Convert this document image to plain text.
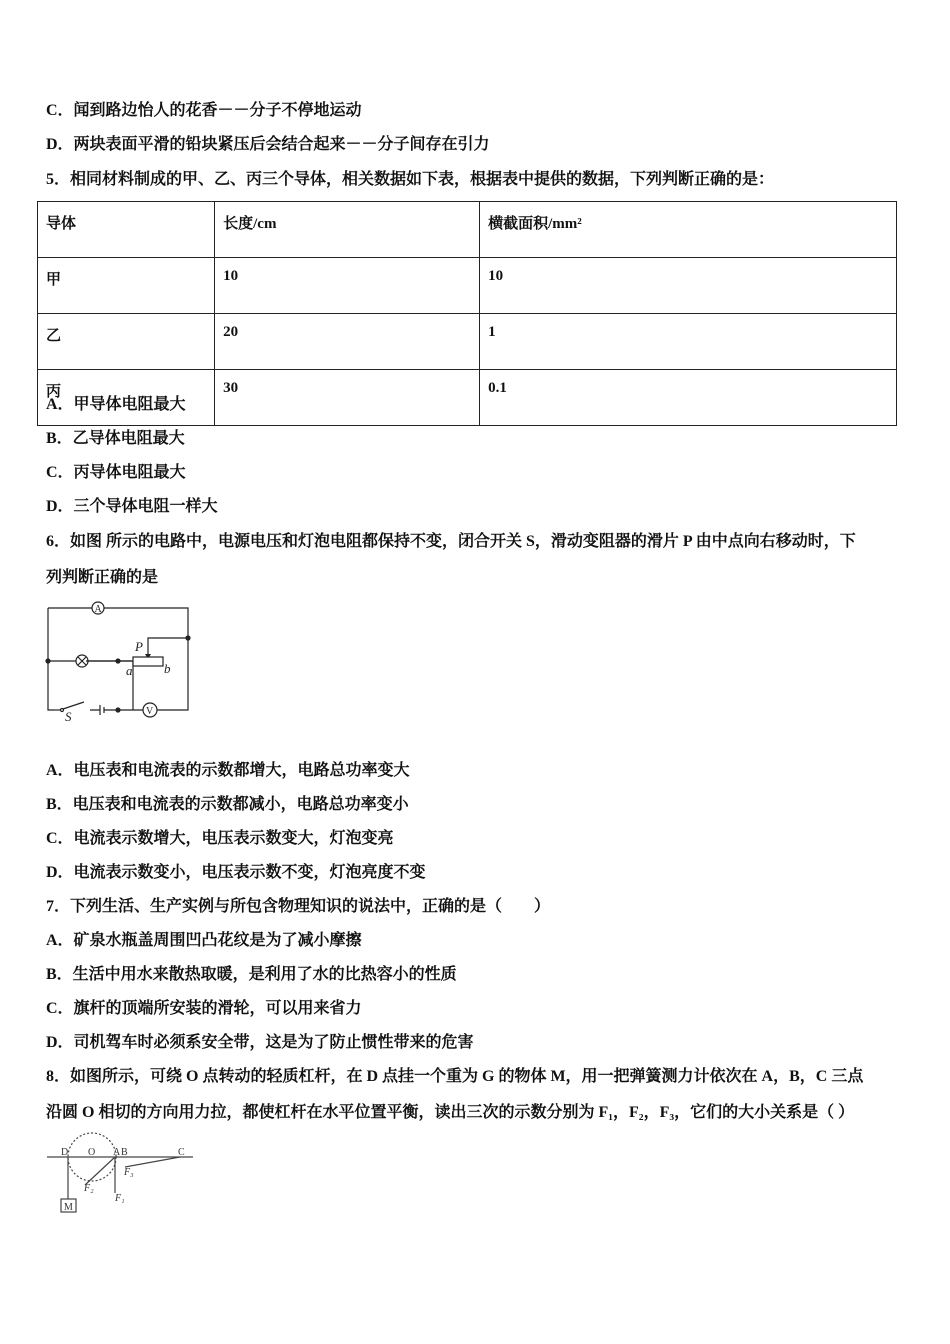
C．闻到路边怡人的花香－－分子不停地运动
D．两块表面平滑的铅块紧压后会结合起来－－分子间存在引力
5．相同材料制成的甲、乙、丙三个导体，相关数据如下表，根据表中提供的数据，下列判断正确的是：
导体	长度/cm	横截面积/mm²
甲	10	10
乙	20	1
丙	30	0.1
A．甲导体电阻最大
B．乙导体电阻最大
C．丙导体电阻最大
D．三个导体电阻一样大
6．如图 所示的电路中，电源电压和灯泡电阻都保持不变，闭合开关 S，滑动变阻器的滑片 P 由中点向右移动时，下
列判断正确的是
A
V
P
a b
S
A．电压表和电流表的示数都增大，电路总功率变大
B．电压表和电流表的示数都减小，电路总功率变小
C．电流表示数增大，电压表示数变大，灯泡变亮
D．电流表示数变小，电压表示数不变，灯泡亮度不变
7．下列生活、生产实例与所包含物理知识的说法中，正确的是（　　）
A．矿泉水瓶盖周围凹凸花纹是为了减小摩擦
B．生活中用水来散热取暖，是利用了水的比热容小的性质
C．旗杆的顶端所安装的滑轮，可以用来省力
D．司机驾车时必须系安全带，这是为了防止惯性带来的危害
8．如图所示，可绕 O 点转动的轻质杠杆，在 D 点挂一个重为 G 的物体 M，用一把弹簧测力计依次在 A，B，C 三点
沿圆 O 相切的方向用力拉，都使杠杆在水平位置平衡，读出三次的示数分别为 F₁，F₂，F₃，它们的大小关系是（ ）
D O A B	C
M
F₁
F₂
F₃
